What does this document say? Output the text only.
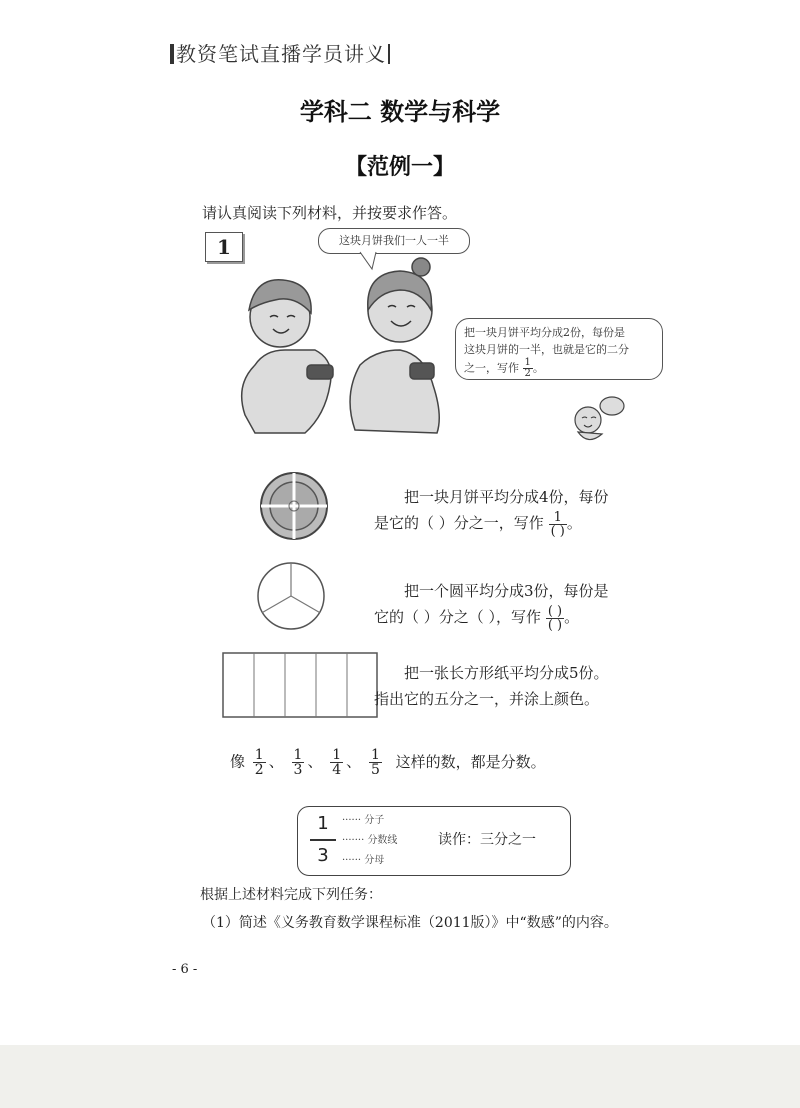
教资笔试直播学员讲义
学科二 数学与科学
【范例一】
请认真阅读下列材料，并按要求作答。
1	这块月饼我们一人一半
把一块月饼平均分成2份，每份是
这块月饼的一半，也就是它的二分
之一，写作 $\frac{1}{2}$ 。
把一块月饼平均分成4份，每份
是它的（ ）分之一，写作 $\frac{1}{( )}$ 。
把一个圆平均分成3份，每份是
它的（ ）分之（ ），写作 $\frac{( )}{( )}$ 。
把一张长方形纸平均分成5份。
指出它的五分之一，并涂上颜色。
像 $\frac{1}{2}$ 、 $\frac{1}{3}$ 、 $\frac{1}{4}$ 、 $\frac{1}{5}$ 这样的数，都是分数。
1
3
······ 分子
······· 分数线
······ 分母
读作：三分之一
根据上述材料完成下列任务：
（1）简述《义务教育数学课程标准（2011版）》中“数感”的内容。
- 6 -
